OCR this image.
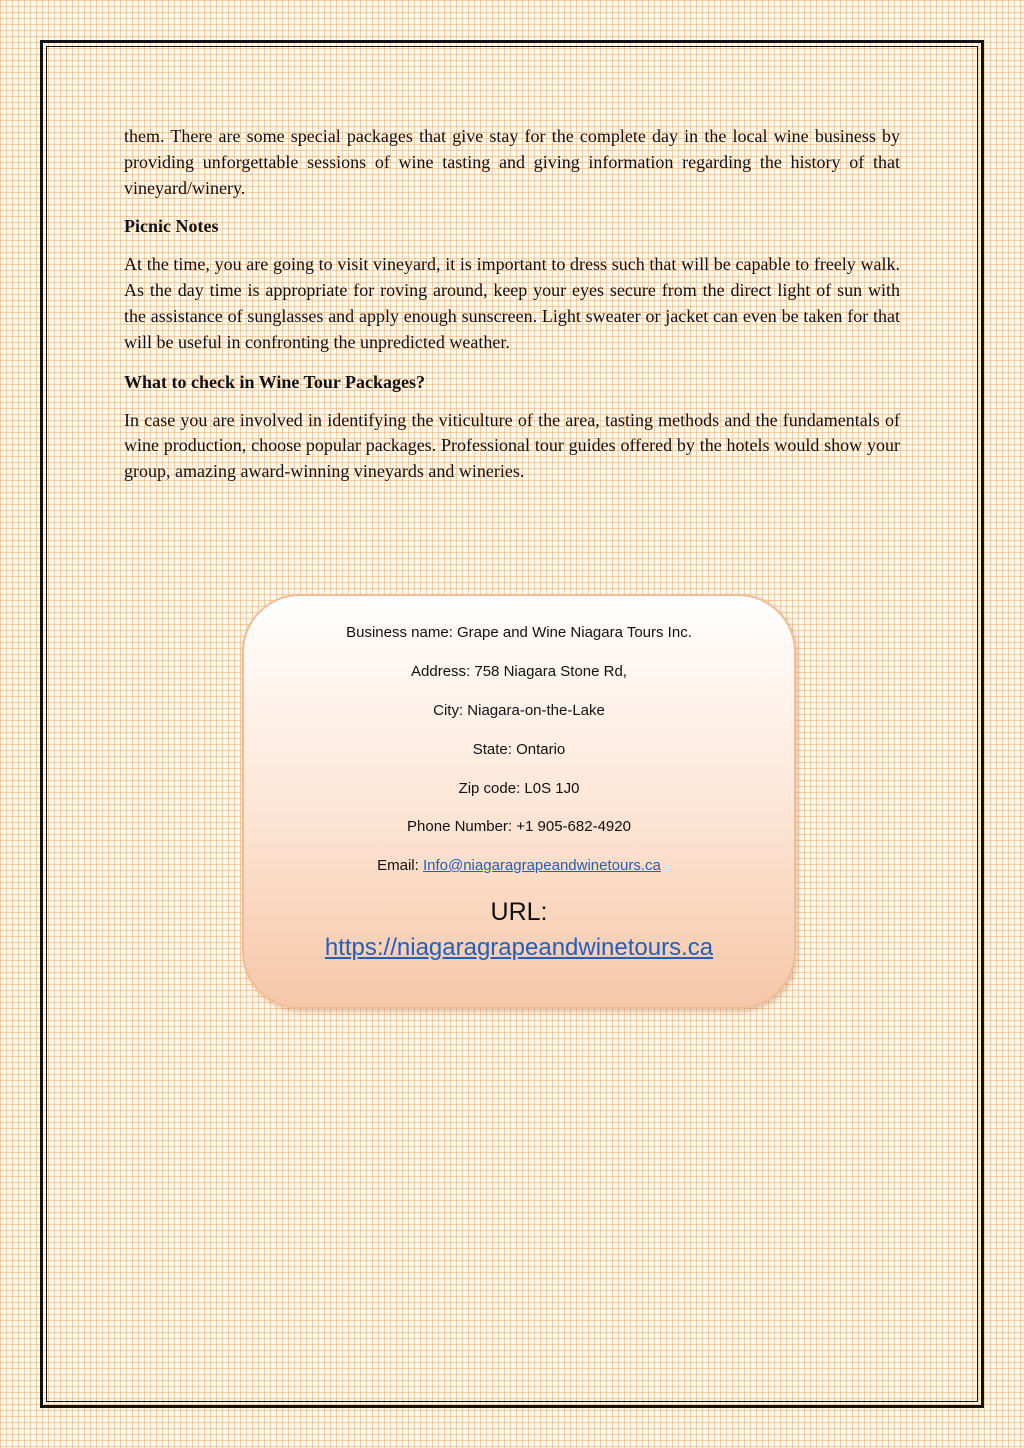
them. There are some special packages that give stay for the complete day in the local wine business by providing unforgettable sessions of wine tasting and giving information regarding the history of that vineyard/winery.

Picnic Notes

At the time, you are going to visit vineyard, it is important to dress such that will be capable to freely walk. As the day time is appropriate for roving around, keep your eyes secure from the direct light of sun with the assistance of sunglasses and apply enough sunscreen. Light sweater or jacket can even be taken for that will be useful in confronting the unpredicted weather.

What to check in Wine Tour Packages?

In case you are involved in identifying the viticulture of the area, tasting methods and the fundamentals of wine production, choose popular packages. Professional tour guides offered by the hotels would show your group, amazing award-winning vineyards and wineries.

Business name: Grape and Wine Niagara Tours Inc.
Address: 758 Niagara Stone Rd,
City: Niagara-on-the-Lake
State: Ontario
Zip code: L0S 1J0
Phone Number: +1 905-682-4920
Email: Info@niagaragrapeandwinetours.ca
URL:
https://niagaragrapeandwinetours.ca
